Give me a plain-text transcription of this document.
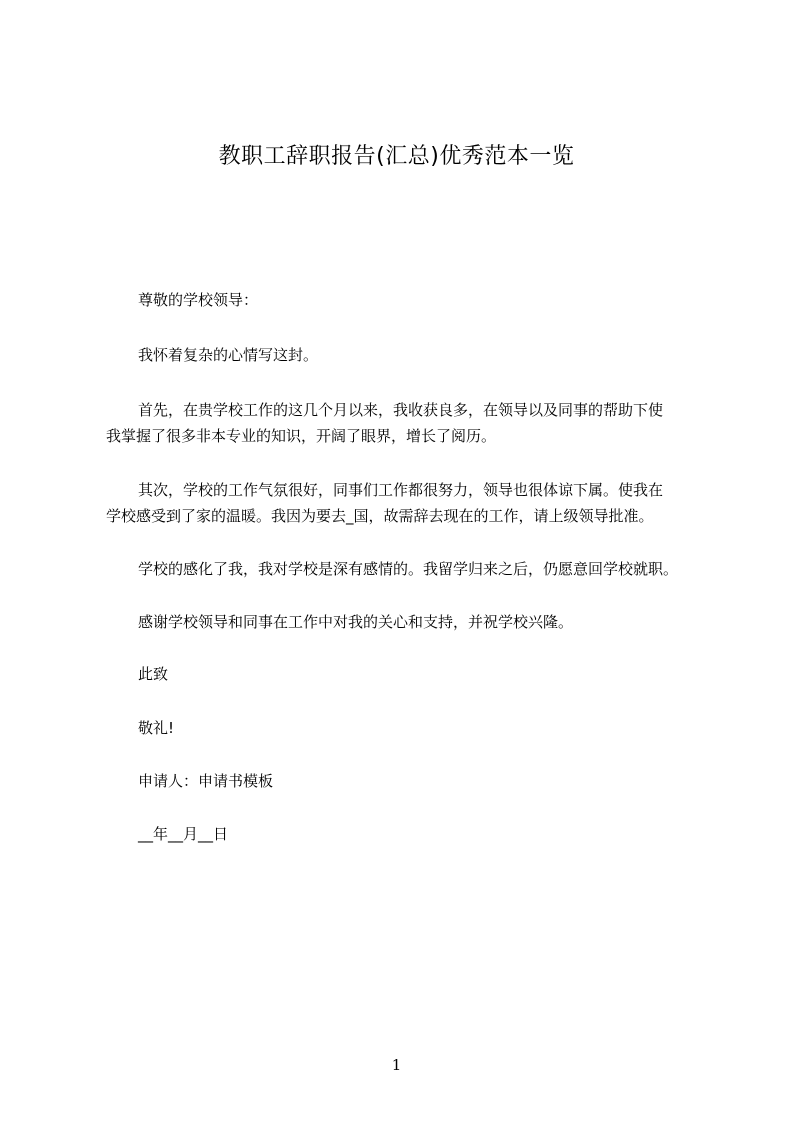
教职工辞职报告(汇总)优秀范本一览
尊敬的学校领导：
我怀着复杂的心情写这封。
首先，在贵学校工作的这几个月以来，我收获良多，在领导以及同事的帮助下使
我掌握了很多非本专业的知识，开阔了眼界，增长了阅历。
其次，学校的工作气氛很好，同事们工作都很努力，领导也很体谅下属。使我在
学校感受到了家的温暖。我因为要去_国，故需辞去现在的工作，请上级领导批准。
学校的感化了我，我对学校是深有感情的。我留学归来之后，仍愿意回学校就职。
感谢学校领导和同事在工作中对我的关心和支持，并祝学校兴隆。
此致
敬礼!
申请人：申请书模板
__年__月__日
1
